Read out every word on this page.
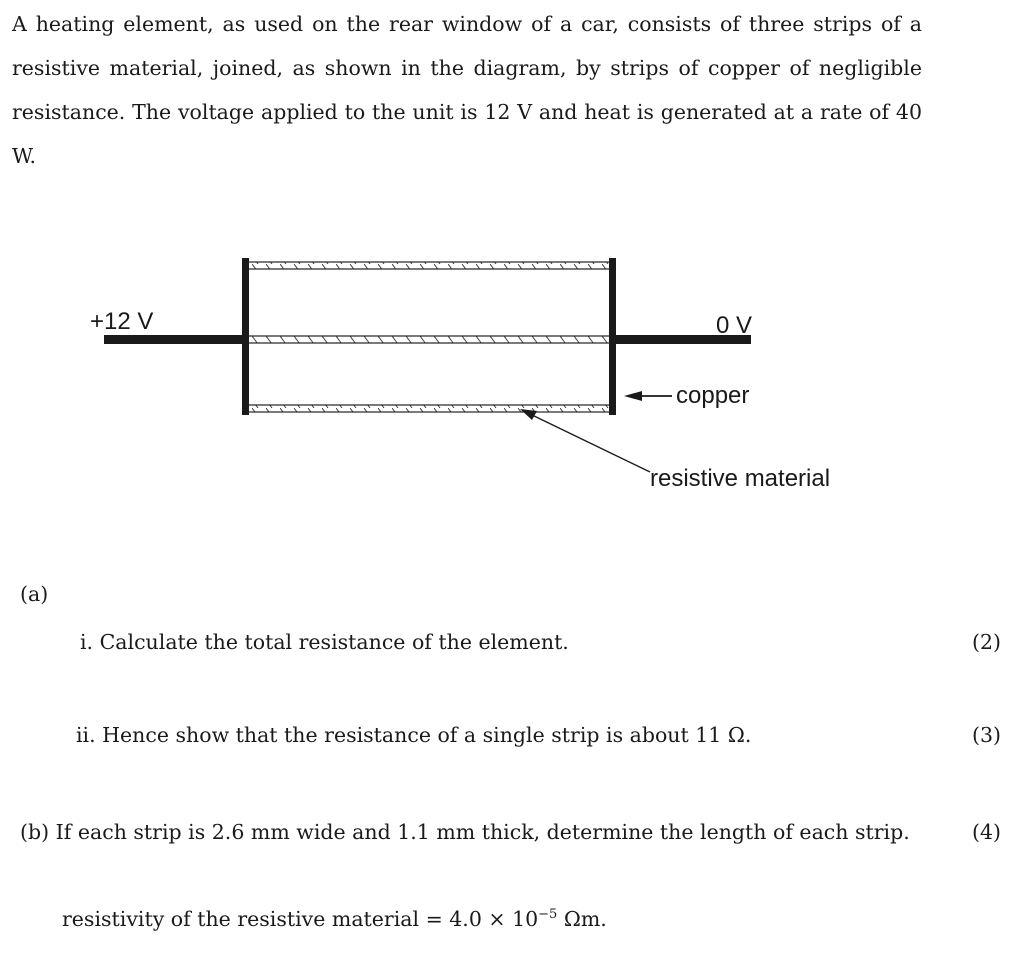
A heating element, as used on the rear window of a car, consists of three strips of a
resistive material, joined, as shown in the diagram, by strips of copper of negligible
resistance. The voltage applied to the unit is 12 V and heat is generated at a rate of 40
W.
+12 V	0 V
copper
resistive material
(a)
i. Calculate the total resistance of the element.	(2)
ii. Hence show that the resistance of a single strip is about 11 Ω.	(3)
(b) If each strip is 2.6 mm wide and 1.1 mm thick, determine the length of each strip.	(4)
resistivity of the resistive material = $4.0 \times 10^{-5}$ Ωm.
